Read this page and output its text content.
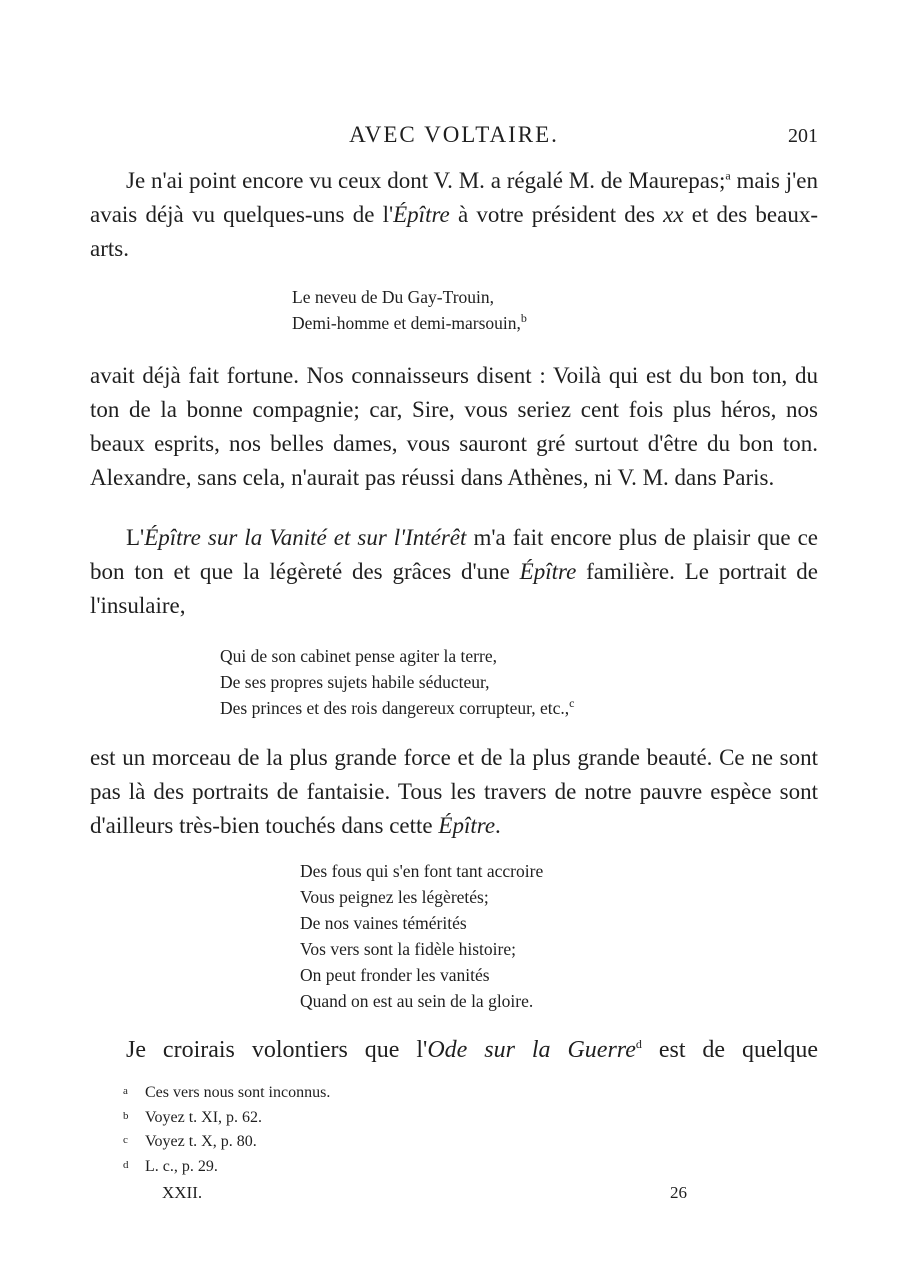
AVEC VOLTAIRE.	201

Je n'ai point encore vu ceux dont V. M. a régalé M. de Maurepas;$^a$ mais j'en avais déjà vu quelques-uns de l'Épître à votre président des xx et des beaux-arts.

Le neveu de Du Gay-Trouin,
Demi-homme et demi-marsouin,$^b$

avait déjà fait fortune. Nos connaisseurs disent : Voilà qui est du bon ton, du ton de la bonne compagnie; car, Sire, vous seriez cent fois plus héros, nos beaux esprits, nos belles dames, vous sauront gré surtout d'être du bon ton. Alexandre, sans cela, n'aurait pas réussi dans Athènes, ni V. M. dans Paris.

L'Épître sur la Vanité et sur l'Intérêt m'a fait encore plus de plaisir que ce bon ton et que la légèreté des grâces d'une Épître familière. Le portrait de l'insulaire,

Qui de son cabinet pense agiter la terre,
De ses propres sujets habile séducteur,
Des princes et des rois dangereux corrupteur, etc.,$^c$

est un morceau de la plus grande force et de la plus grande beauté. Ce ne sont pas là des portraits de fantaisie. Tous les travers de notre pauvre espèce sont d'ailleurs très-bien touchés dans cette Épître.

Des fous qui s'en font tant accroire
Vous peignez les légèretés;
De nos vaines témérités
Vos vers sont la fidèle histoire;
On peut fronder les vanités
Quand on est au sein de la gloire.

Je croirais volontiers que l'Ode sur la Guerre$^d$ est de quelque

a Ces vers nous sont inconnus.
b Voyez t. XI, p. 62.
c Voyez t. X, p. 80.
d L. c., p. 29.
XXII.	26
